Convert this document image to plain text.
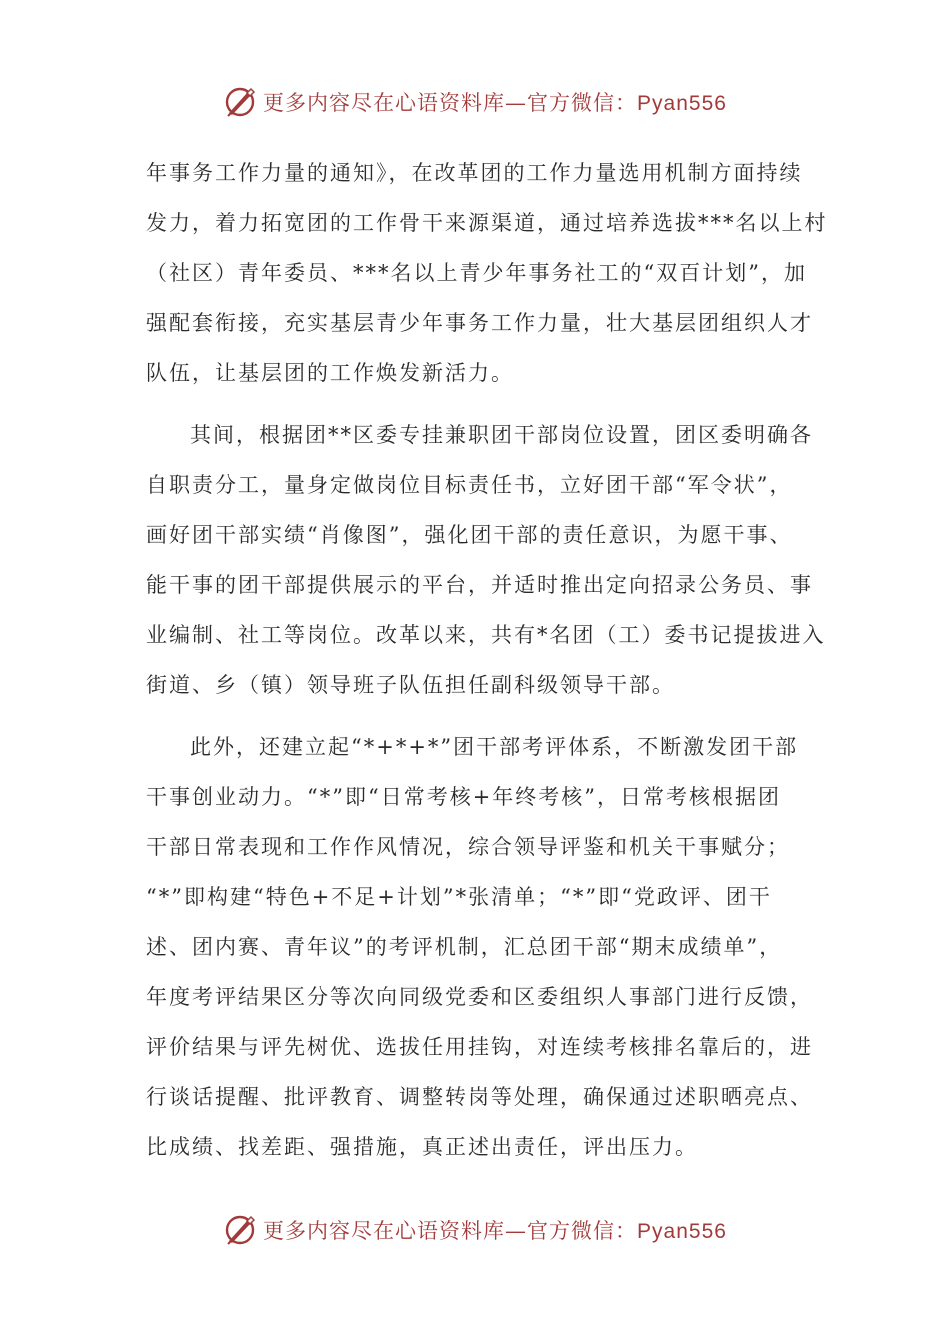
更多内容尽在心语资料库—官方微信：Pyan556

年事务工作力量的通知》，在改革团的工作力量选用机制方面持续
发力，着力拓宽团的工作骨干来源渠道，通过培养选拔***名以上村
（社区）青年委员、***名以上青少年事务社工的“双百计划”，加
强配套衔接，充实基层青少年事务工作力量，壮大基层团组织人才
队伍，让基层团的工作焕发新活力。

其间，根据团**区委专挂兼职团干部岗位设置，团区委明确各
自职责分工，量身定做岗位目标责任书，立好团干部“军令状”，
画好团干部实绩“肖像图”，强化团干部的责任意识，为愿干事、
能干事的团干部提供展示的平台，并适时推出定向招录公务员、事
业编制、社工等岗位。改革以来，共有*名团（工）委书记提拔进入
街道、乡（镇）领导班子队伍担任副科级领导干部。

此外，还建立起“*+*+*”团干部考评体系，不断激发团干部
干事创业动力。“*”即“日常考核+年终考核”，日常考核根据团
干部日常表现和工作作风情况，综合领导评鉴和机关干事赋分；
“*”即构建“特色+不足+计划”*张清单；“*”即“党政评、团干
述、团内赛、青年议”的考评机制，汇总团干部“期末成绩单”，
年度考评结果区分等次向同级党委和区委组织人事部门进行反馈，
评价结果与评先树优、选拔任用挂钩，对连续考核排名靠后的，进
行谈话提醒、批评教育、调整转岗等处理，确保通过述职晒亮点、
比成绩、找差距、强措施，真正述出责任，评出压力。

更多内容尽在心语资料库—官方微信：Pyan556
